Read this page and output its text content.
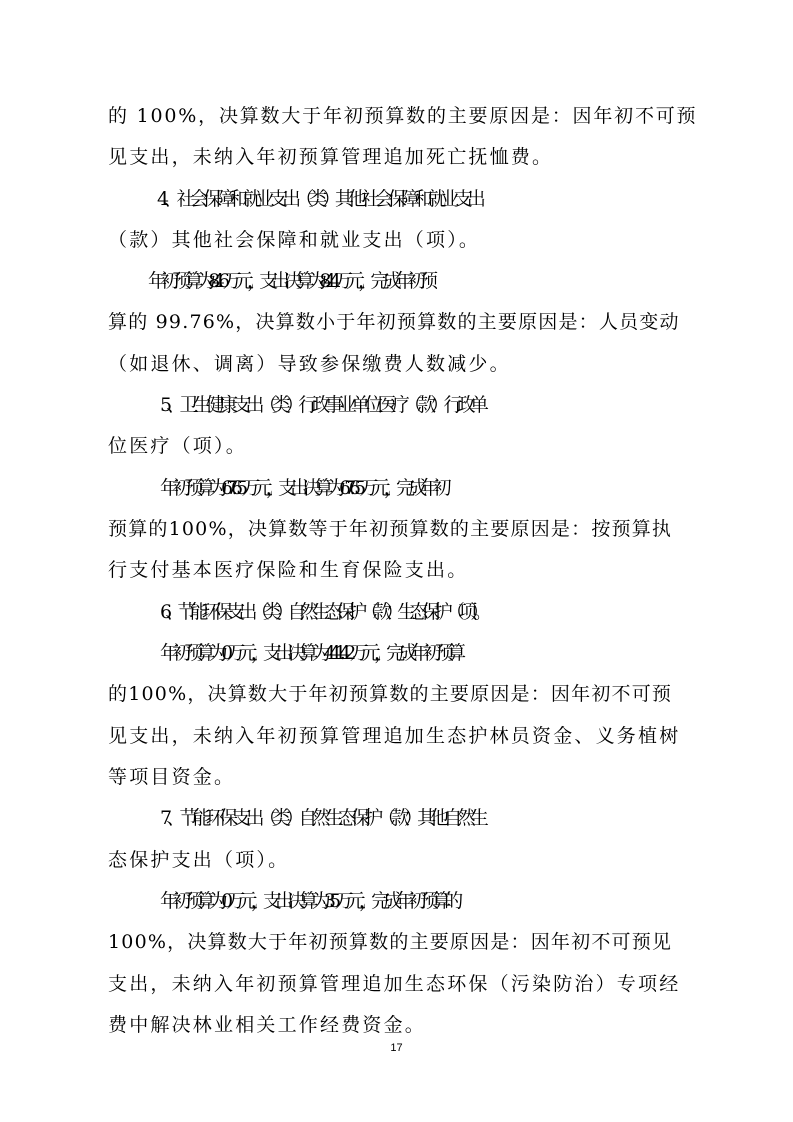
的 100%，决算数大于年初预算数的主要原因是：因年初不可预
见支出，未纳入年初预算管理追加死亡抚恤费。
4、社会保障和就业支出（类）其他社会保障和就业支出
（款）其他社会保障和就业支出（项）。
年初预算为 8.46 万元，支出决算为 8.44 万元，完成年初预
算的 99.76%，决算数小于年初预算数的主要原因是：人员变动
（如退休、调离）导致参保缴费人数减少。
5、卫生健康支出（类）行政事业单位医疗（款）行政单
位医疗（项）。
年初预算为67.65万元，支出决算为67.65万元，完成年初
预算的100%，决算数等于年初预算数的主要原因是：按预算执
行支付基本医疗保险和生育保险支出。
6、节能环保支出（类）自然生态保护（款）生态保护（项）。
年初预算为0万元，支出决算为441.42万元，完成年初预算
的100%，决算数大于年初预算数的主要原因是：因年初不可预
见支出，未纳入年初预算管理追加生态护林员资金、义务植树
等项目资金。
7、节能环保支出（类）自然生态保护（款）其他自然生
态保护支出（项）。
年初预算为0万元，支出决算为35万元，完成年初预算的
100%，决算数大于年初预算数的主要原因是：因年初不可预见
支出，未纳入年初预算管理追加生态环保（污染防治）专项经
费中解决林业相关工作经费资金。
17
